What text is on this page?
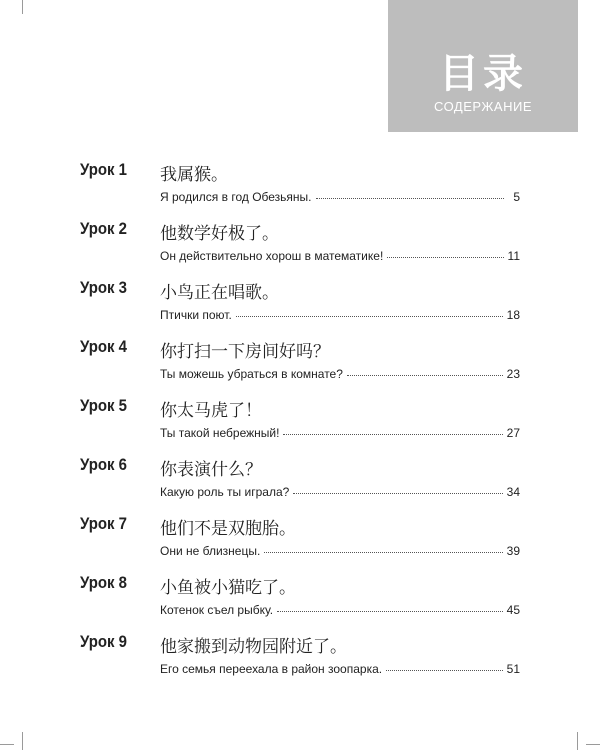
目录
СОДЕРЖАНИЕ
Урок 1 我属猴。
Я родился в год Обезьяны.	5
Урок 2 他数学好极了。
Он действительно хорош в математике!	11
Урок 3 小鸟正在唱歌。
Птички поют.	18
Урок 4 你打扫一下房间好吗？
Ты можешь убраться в комнате?	23
Урок 5 你太马虎了！
Ты такой небрежный!	27
Урок 6 你表演什么？
Какую роль ты играла?	34
Урок 7 他们不是双胞胎。
Они не близнецы.	39
Урок 8 小鱼被小猫吃了。
Котенок съел рыбку.	45
Урок 9 他家搬到动物园附近了。
Его семья переехала в район зоопарка.	51
